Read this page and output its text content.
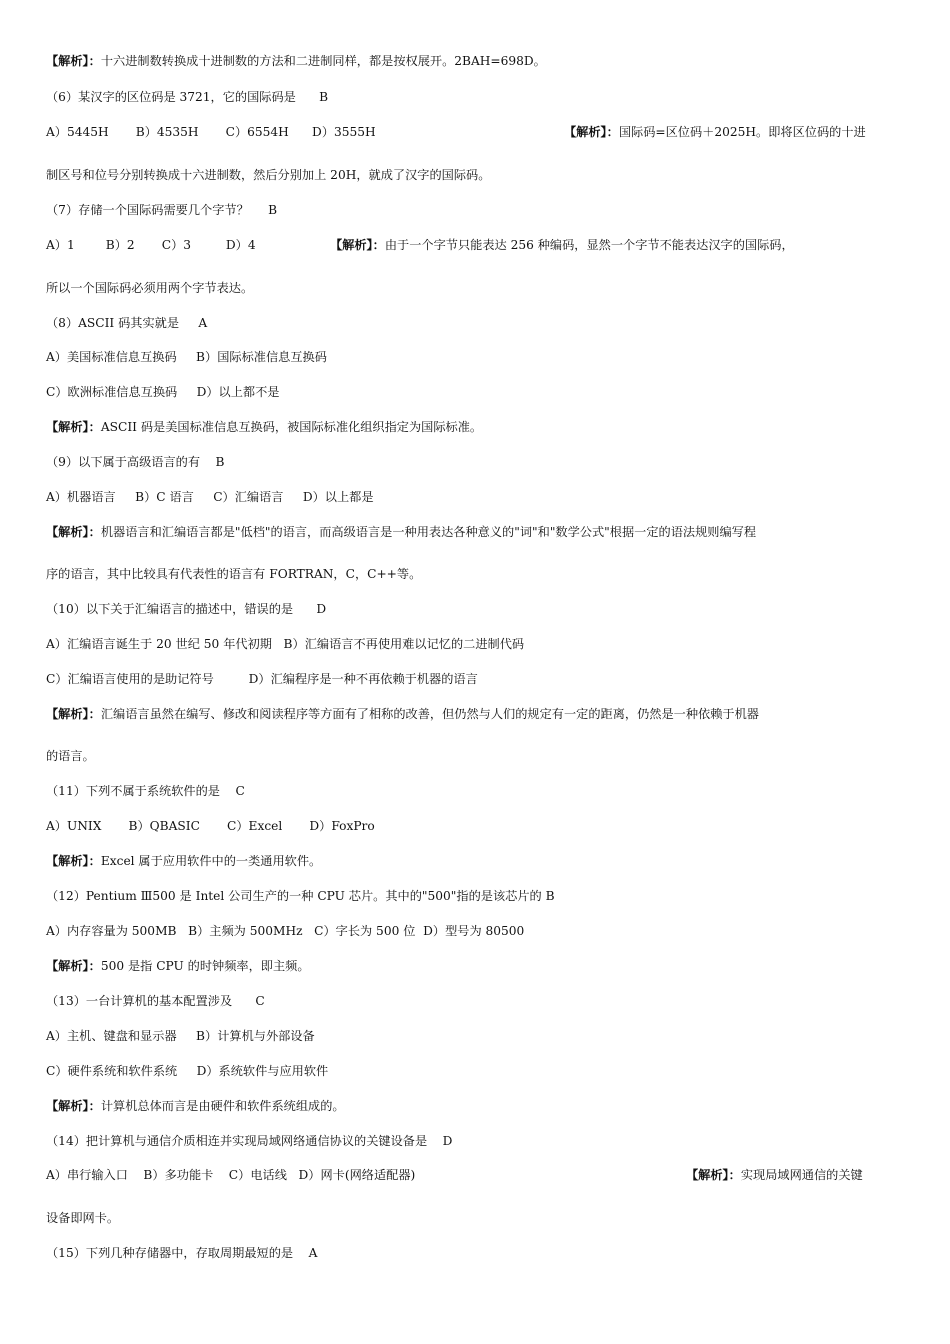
【解析】：十六进制数转换成十进制数的方法和二进制同样，都是按权展开。2BAH=698D。
（6）某汉字的区位码是 3721，它的国际码是      B
A）5445H       B）4535H       C）6554H      D）3555H	【解析】：国际码=区位码＋2025H。即将区位码的十进
制区号和位号分别转换成十六进制数，然后分别加上 20H，就成了汉字的国际码。
（7）存储一个国际码需要几个字节？     B
A）1        B）2       C）3         D）4	【解析】：由于一个字节只能表达 256 种编码，显然一个字节不能表达汉字的国际码，
所以一个国际码必须用两个字节表达。
（8）ASCII 码其实就是     A
A）美国标准信息互换码     B）国际标准信息互换码
C）欧洲标准信息互换码     D）以上都不是
【解析】：ASCII 码是美国标准信息互换码，被国际标准化组织指定为国际标准。
（9）以下属于高级语言的有    B
A）机器语言     B）C 语言     C）汇编语言     D）以上都是
【解析】：机器语言和汇编语言都是"低档"的语言，而高级语言是一种用表达各种意义的"词"和"数学公式"根据一定的语法规则编写程
序的语言，其中比较具有代表性的语言有 FORTRAN，C，C++等。
（10）以下关于汇编语言的描述中，错误的是      D
A）汇编语言诞生于 20 世纪 50 年代初期   B）汇编语言不再使用难以记忆的二进制代码
C）汇编语言使用的是助记符号         D）汇编程序是一种不再依赖于机器的语言
【解析】：汇编语言虽然在编写、修改和阅读程序等方面有了相称的改善，但仍然与人们的规定有一定的距离，仍然是一种依赖于机器
的语言。
（11）下列不属于系统软件的是    C
A）UNIX       B）QBASIC       C）Excel       D）FoxPro
【解析】：Excel 属于应用软件中的一类通用软件。
（12）Pentium Ⅲ500 是 Intel 公司生产的一种 CPU 芯片。其中的"500"指的是该芯片的 B
A）内存容量为 500MB   B）主频为 500MHz   C）字长为 500 位  D）型号为 80500
【解析】：500 是指 CPU 的时钟频率，即主频。
（13）一台计算机的基本配置涉及      C
A）主机、键盘和显示器     B）计算机与外部设备
C）硬件系统和软件系统     D）系统软件与应用软件
【解析】：计算机总体而言是由硬件和软件系统组成的。
（14）把计算机与通信介质相连并实现局域网络通信协议的关键设备是    D
A）串行输入口    B）多功能卡    C）电话线   D）网卡(网络适配器)	【解析】：实现局域网通信的关键
设备即网卡。
（15）下列几种存储器中，存取周期最短的是    A
